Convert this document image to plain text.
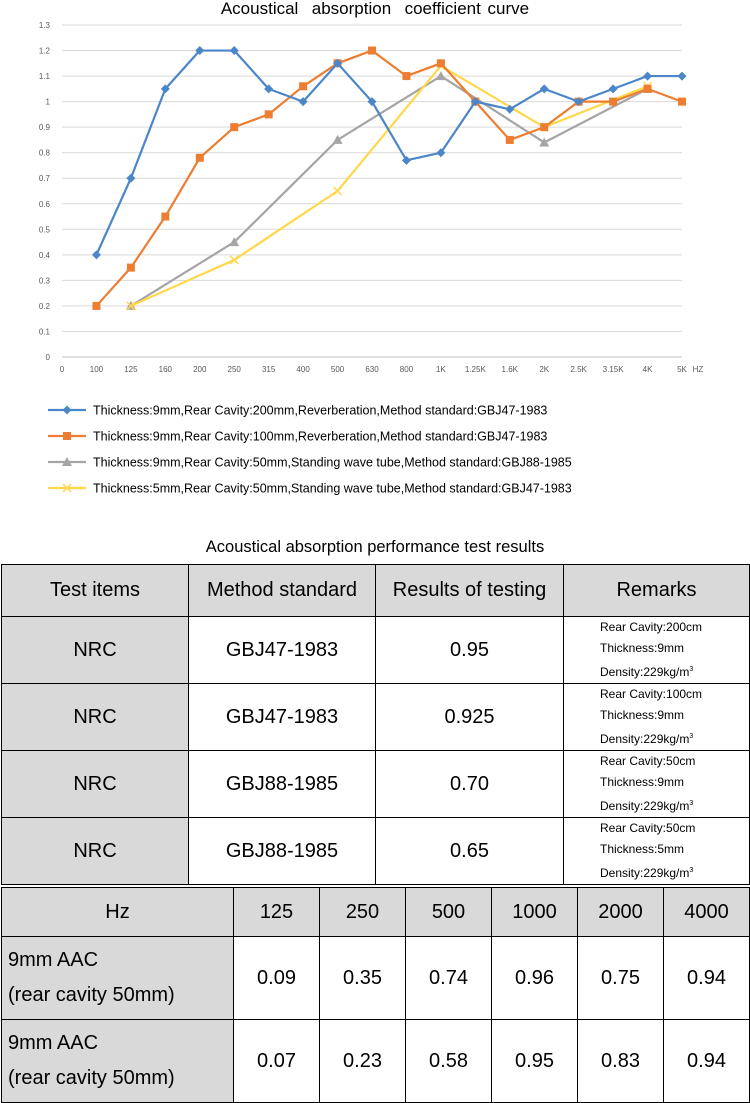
Acoustical  absorption  coefficient curve
0
0.1
0.2
0.3
0.4
0.5
0.6
0.7
0.8
0.9
1
1.1
1.2
1.3
0	100	125	160	200	250	315	400	500	630	800	1K 1.25K 1.6K	2K	2.5K 3.15K 4K	5K HZ
Thickness:9mm,Rear Cavity:200mm,Reverberation,Method standard:GBJ47-1983
Thickness:9mm,Rear Cavity:100mm,Reverberation,Method standard:GBJ47-1983
Thickness:9mm,Rear Cavity:50mm,Standing wave tube,Method standard:GBJ88-1985
Thickness:5mm,Rear Cavity:50mm,Standing wave tube,Method standard:GBJ47-1983
Acoustical absorption performance test results
Test items	Method standard	Results of testing	Remarks
NRC	GBJ47-1983	0.95	Rear Cavity:200cm
Thickness:9mm
$Density:229kg/m^3$

NRC	GBJ47-1983	0.925	Rear Cavity:100cm
Thickness:9mm
$Density:229kg/m^3$

NRC	GBJ88-1985	0.70	Rear Cavity:50cm
Thickness:9mm
$Density:229kg/m^3$

NRC	GBJ88-1985	0.65	Rear Cavity:50cm
Thickness:5mm
$Density:229kg/m^3$
Hz	125	250	500	1000	2000	4000

9mm AAC
(rear cavity 50mm)	0.09	0.35	0.74	0.96	0.75	0.94

9mm AAC
(rear cavity 50mm)	0.07	0.23	0.58	0.95	0.83	0.94
